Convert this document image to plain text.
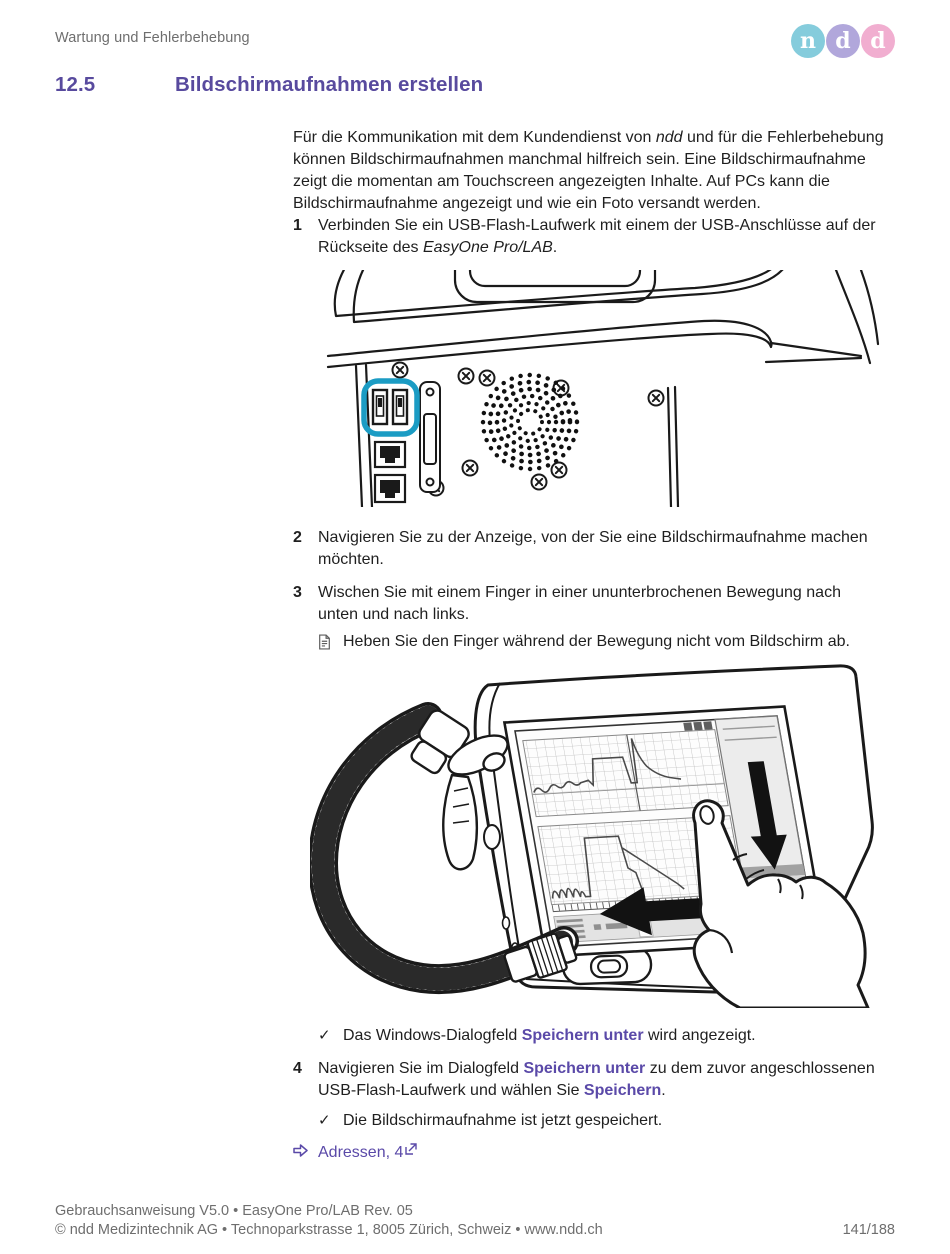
Wartung und Fehlerbehebung	n d d
12.5	Bildschirmaufnahmen erstellen

Für die Kommunikation mit dem Kundendienst von ndd und für die Fehlerbehebung können Bildschirmaufnahmen manchmal hilfreich sein. Eine Bildschirmaufnahme zeigt die momentan am Touchscreen angezeigten Inhalte. Auf PCs kann die Bildschirmaufnahme angezeigt und wie ein Foto versandt werden.

1	Verbinden Sie ein USB-Flash-Laufwerk mit einem der USB-Anschlüsse auf der Rückseite des EasyOne Pro/LAB.

2	Navigieren Sie zu der Anzeige, von der Sie eine Bildschirmaufnahme machen möchten.

3	Wischen Sie mit einem Finger in einer ununterbrochenen Bewegung nach unten und nach links.

Heben Sie den Finger während der Bewegung nicht vom Bildschirm ab.

✓ Das Windows-Dialogfeld Speichern unter wird angezeigt.

4	Navigieren Sie im Dialogfeld Speichern unter zu dem zuvor angeschlossenen USB-Flash-Laufwerk und wählen Sie Speichern.

✓ Die Bildschirmaufnahme ist jetzt gespeichert.

Adressen, 4

Gebrauchsanweisung V5.0 • EasyOne Pro/LAB Rev. 05

© ndd Medizintechnik AG • Technoparkstrasse 1, 8005 Zürich, Schweiz • www.ndd.ch	141/188
